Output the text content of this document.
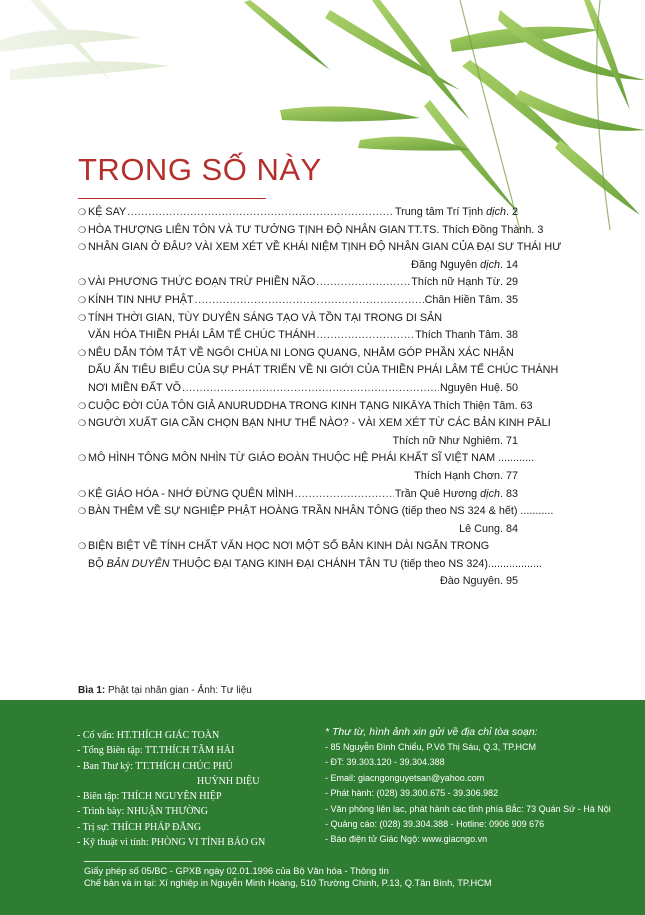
TRONG SỐ NÀY
❍ KỆ SAY .....	Trung tâm Trí Tịnh dịch. 2
❍ HÒA THƯỢNG LIÊN TÔN VÀ TƯ TƯỞNG TỊNH ĐỘ NHÂN GIAN TT.TS. Thích Đồng Thành. 3
❍ NHÂN GIAN Ở ĐÂU? VÀI XEM XÉT VỀ KHÁI NIỆM TỊNH ĐỘ NHÂN GIAN CỦA ĐẠI SƯ THÁI HƯ
Đăng Nguyên dịch. 14
❍ VÀI PHƯƠNG THỨC ĐOẠN TRỪ PHIỀN NÃO .....	Thích nữ Hạnh Từ. 29
❍ KÍNH TIN NHƯ PHẬT .....	Chân Hiền Tâm. 35
❍ TÍNH THỜI GIAN, TÙY DUYÊN SÁNG TẠO VÀ TỒN TẠI TRONG DI SẢN
VĂN HÓA THIỀN PHÁI LÂM TẾ CHÚC THÁNH .....	Thích Thanh Tâm. 38
❍ NÊU DẪN TÓM TẮT VỀ NGÔI CHÙA NI LONG QUANG, NHẰM GÓP PHẦN XÁC NHẬN
DẤU ẤN TIÊU BIỂU CỦA SỰ PHÁT TRIỂN VỀ NI GIỚI CỦA THIỀN PHÁI LÂM TẾ CHÚC THÁNH
NƠI MIỀN ĐẤT VÕ .....	Nguyên Huệ. 50
❍ CUỘC ĐỜI CỦA TÔN GIẢ ANURUDDHA TRONG KINH TẠNG NIKĀYA Thích Thiện Tâm. 63
❍ NGƯỜI XUẤT GIA CẦN CHỌN BẠN NHƯ THẾ NÀO? - VÀI XEM XÉT TỪ CÁC BẢN KINH PĀLI
Thích nữ Như Nghiêm. 71
❍ MÔ HÌNH TÔNG MÔN NHÌN TỪ GIÁO ĐOÀN THUỘC HỆ PHÁI KHẤT SĨ VIỆT NAM ............
Thích Hạnh Chơn. 77
❍ KỆ GIÁO HÓA - NHỚ ĐỪNG QUÊN MÌNH .....	Trần Quê Hương dịch. 83
❍ BÀN THÊM VỀ SỰ NGHIỆP PHẬT HOÀNG TRẦN NHÂN TÔNG (tiếp theo NS 324 & hết) ...........
Lê Cung. 84
❍ BIỆN BIỆT VỀ TÍNH CHẤT VĂN HỌC NƠI MỘT SỐ BẢN KINH DÀI NGẮN TRONG
BỘ BẢN DUYÊN THUỘC ĐẠI TẠNG KINH ĐẠI CHÁNH TÂN TU (tiếp theo NS 324)..................
Đào Nguyên. 95
Bìa 1: Phật tại nhân gian - Ảnh: Tư liệu
- Cố vấn: HT.THÍCH GIÁC TOÀN
- Tổng Biên tập: TT.THÍCH TÂM HẢI
- Ban Thư ký: TT.THÍCH CHÚC PHÚ
HUỲNH DIỆU
- Biên tập: THÍCH NGUYÊN HIỆP
- Trình bày: NHUẬN THƯỜNG
- Trị sự: THÍCH PHÁP ĐĂNG
- Kỹ thuật vi tính: PHÒNG VI TÍNH BÁO GN
* Thư từ, hình ảnh xin gửi về địa chỉ tòa soạn:
- 85 Nguyễn Đình Chiểu, P.Võ Thị Sáu, Q.3, TP.HCM
- ĐT: 39.303.120 - 39.304.388
- Email: giacngonguyetsan@yahoo.com
- Phát hành: (028) 39.300.675 - 39.306.982
- Văn phòng liên lạc, phát hành các tỉnh phía Bắc: 73 Quán Sứ - Hà Nội
- Quảng cáo: (028) 39.304.388 - Hotline: 0906 909 676
- Báo điện tử Giác Ngộ: www.giacngo.vn
Giấy phép số 05/BC - GPXB ngày 02.01.1996 của Bộ Văn hóa - Thông tin
Chế bản và in tại: Xí nghiệp in Nguyễn Minh Hoàng, 510 Trường Chinh, P.13, Q.Tân Bình, TP.HCM
